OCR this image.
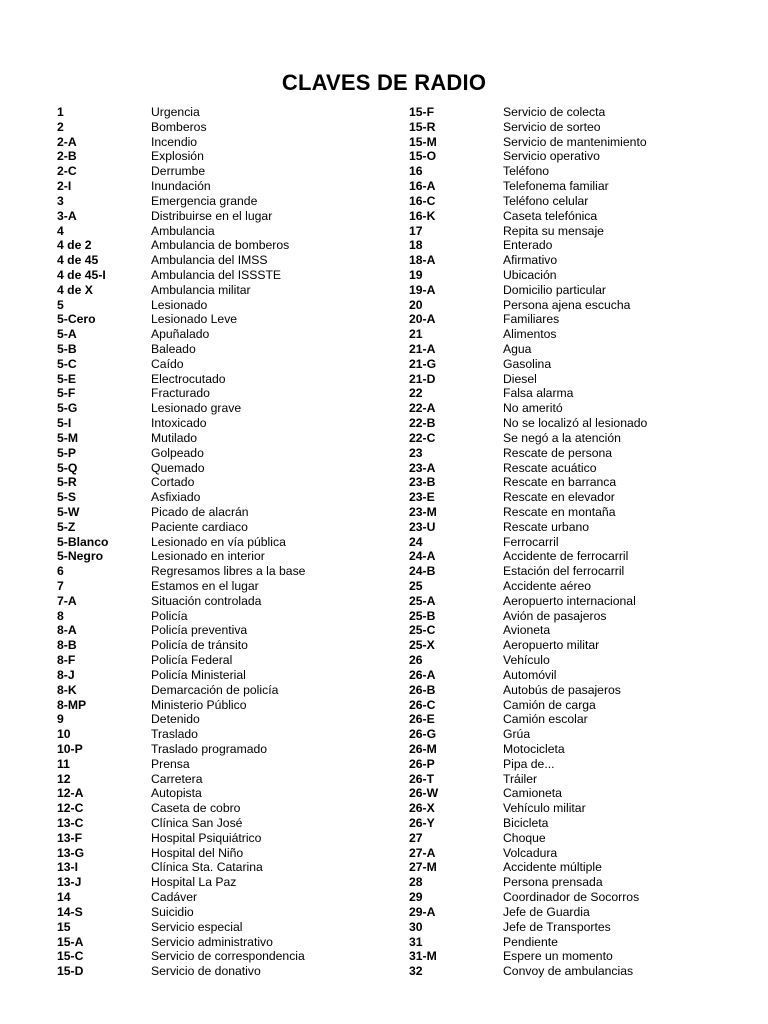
CLAVES DE RADIO
1	Urgencia
2	Bomberos
2-A	Incendio
2-B	Explosión
2-C	Derrumbe
2-I	Inundación
3	Emergencia grande
3-A	Distribuirse en el lugar
4	Ambulancia
4 de 2	Ambulancia de bomberos
4 de 45	Ambulancia del IMSS
4 de 45-I	Ambulancia del ISSSTE
4 de X	Ambulancia militar
5	Lesionado
5-Cero	Lesionado Leve
5-A	Apuñalado
5-B	Baleado
5-C	Caído
5-E	Electrocutado
5-F	Fracturado
5-G	Lesionado grave
5-I	Intoxicado
5-M	Mutilado
5-P	Golpeado
5-Q	Quemado
5-R	Cortado
5-S	Asfixiado
5-W	Picado de alacrán
5-Z	Paciente cardiaco
5-Blanco	Lesionado en vía pública
5-Negro	Lesionado en interior
6	Regresamos libres a la base
7	Estamos en el lugar
7-A	Situación controlada
8	Policía
8-A	Policía preventiva
8-B	Policía de tránsito
8-F	Policía Federal
8-J	Policía Ministerial
8-K	Demarcación de policía
8-MP	Ministerio Público
9	Detenido
10	Traslado
10-P	Traslado programado
11	Prensa
12	Carretera
12-A	Autopista
12-C	Caseta de cobro
13-C	Clínica San José
13-F	Hospital Psiquiátrico
13-G	Hospital del Niño
13-I	Clínica Sta. Catarina
13-J	Hospital La Paz
14	Cadáver
14-S	Suicidio
15	Servicio especial
15-A	Servicio administrativo
15-C	Servicio de correspondencia
15-D	Servicio de donativo
15-F	Servicio de colecta
15-R	Servicio de sorteo
15-M	Servicio de mantenimiento
15-O	Servicio operativo
16	Teléfono
16-A	Telefonema familiar
16-C	Teléfono celular
16-K	Caseta telefónica
17	Repita su mensaje
18	Enterado
18-A	Afirmativo
19	Ubicación
19-A	Domicilio particular
20	Persona ajena escucha
20-A	Familiares
21	Alimentos
21-A	Agua
21-G	Gasolina
21-D	Diesel
22	Falsa alarma
22-A	No ameritó
22-B	No se localizó al lesionado
22-C	Se negó a la atención
23	Rescate de persona
23-A	Rescate acuático
23-B	Rescate en barranca
23-E	Rescate en elevador
23-M	Rescate en montaña
23-U	Rescate urbano
24	Ferrocarril
24-A	Accidente de ferrocarril
24-B	Estación del ferrocarril
25	Accidente aéreo
25-A	Aeropuerto internacional
25-B	Avión de pasajeros
25-C	Avioneta
25-X	Aeropuerto militar
26	Vehículo
26-A	Automóvil
26-B	Autobús de pasajeros
26-C	Camión de carga
26-E	Camión escolar
26-G	Grúa
26-M	Motocicleta
26-P	Pipa de...
26-T	Tráiler
26-W	Camioneta
26-X	Vehículo militar
26-Y	Bicicleta
27	Choque
27-A	Volcadura
27-M	Accidente múltiple
28	Persona prensada
29	Coordinador de Socorros
29-A	Jefe de Guardia
30	Jefe de Transportes
31	Pendiente
31-M	Espere un momento
32	Convoy de ambulancias
